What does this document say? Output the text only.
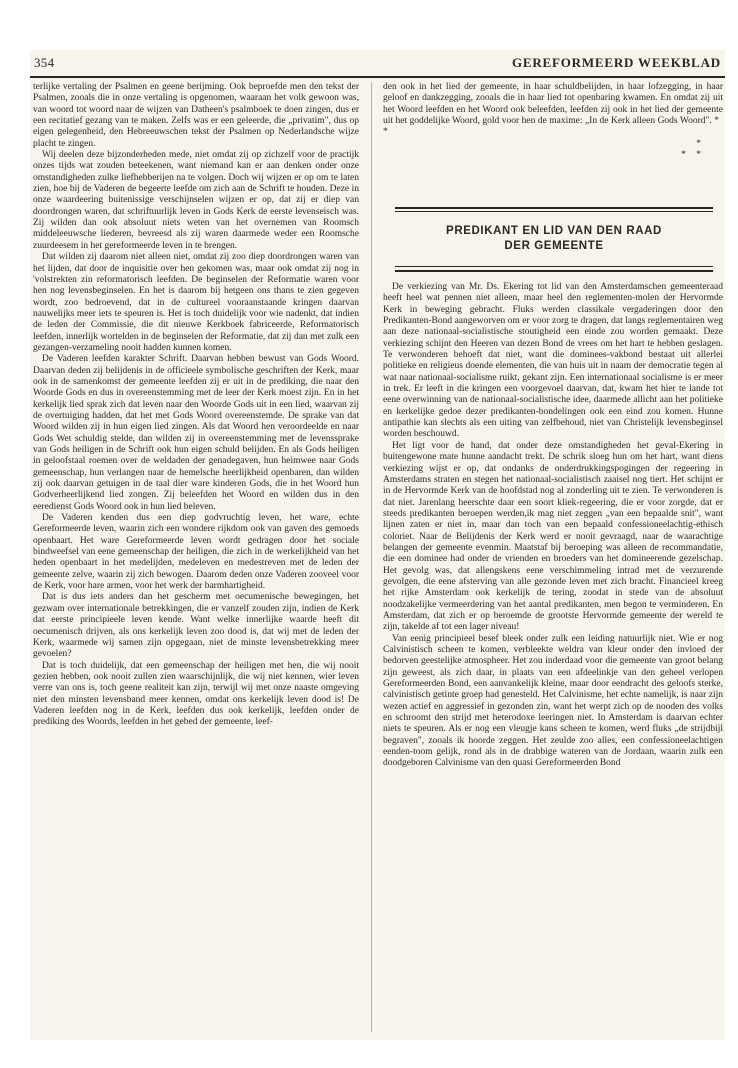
354	GEREFORMEERD WEEKBLAD

terlijke vertaling der Psalmen en geene berijming. Ook beproefde men den tekst der Psalmen, zooals die in onze vertaling is opgenomen, waaraan het volk gewoon was, van woord tot woord naar de wijzen van Datheen's psalmboek te doen zingen, dus er een recitatief gezang van te maken. Zelfs was er een geleerde, die „privatim", dus op eigen gelegenheid, den Hebreeuwschen tekst der Psalmen op Nederlandsche wijze placht te zingen.

Wij deelen deze bijzonderheden mede, niet omdat zij op zichzelf voor de practijk onzes tijds wat zouden beteekenen, want niemand kan er aan denken onder onze omstandigheden zulke liefhebberijen na te volgen. Doch wij wijzen er op om te laten zien, hoe bij de Vaderen de begeerte leefde om zich aan de Schrift te houden. Deze in onze waardeering buitenissige verschijnselen wijzen er op, dat zij er diep van doordrongen waren, dat schriftuurlijk leven in Gods Kerk de eerste levenseisch was. Zij wilden dan ook absoluut niets weten van het overnemen van Roomsch middeleeuwsche liederen, bevreesd als zij waren daarmede weder een Roomsche zuurdeesem in het gereformeerde leven in te brengen.

Dat wilden zij daarom niet alleen niet, omdat zij zoo diep doordrongen waren van het lijden, dat door de inquisitie over hen gekomen was, maar ook omdat zij nog in 'volstrekten zin reformatorisch leefden. De beginselen der Reformatie waren voor hen nog levensbeginselen. En het is daarom bij hetgeen ons thans te zien gegeven wordt, zoo bedroevend, dat in de cultureel vooraanstaande kringen daarvan nauwelijks meer iets te speuren is. Het is toch duidelijk voor wie nadenkt, dat indien de leden der Commissie, die dit nieuwe Kerkboek fabriceerde, Reformatorisch leefden, innerlijk wortelden in de beginselen der Reformatie, dat zij dan met zulk een gezangen-verzameling nooit hadden kunnen komen.

De Vaderen leefden karakter Schrift. Daarvan hebben bewust van Gods Woord. Daarvan deden zij belijdenis in de officieele symbolische geschriften der Kerk, maar ook in de samenkomst der gemeente leefden zij er uit in de prediking, die naar den Woorde Gods en dus in overeenstemming met de leer der Kerk moest zijn. En in het kerkelijk lied sprak zich dat leven naar den Woorde Gods uit in een lied, waarvan zij de overtuiging hadden, dat het met Gods Woord overeenstemde. De sprake van dat Woord wilden zij in hun eigen lied zingen. Als dat Woord hen veroordeelde en naar Gods Wet schuldig stelde, dan wilden zij in overeenstemming met de levenssprake van Gods heiligen in de Schrift ook hun eigen schuld belijden. En als Gods heiligen in geloofstaal roemen over de weldaden der genadegaven, hun heimwee naar Gods gemeenschap, hun verlangen naar de hemelsche heerlijkheid openbaren, dan wilden zij ook daarvan getuigen in de taal dier ware kinderen Gods, die in het Woord hun Godverheerlijkend lied zongen. Zij beleefden het Woord en wilden dus in den eeredienst Gods Woord ook in hun lied beleven.

De Vaderen kenden dus een diep godvruchtig leven, het ware, echte Gereformeerde leven, waarin zich een wondere rijkdom ook van gaven des gemoeds openbaart. Het ware Gereformeerde leven wordt gedragen door het sociale bindweefsel van eene gemeenschap der heiligen, die zich in de werkelijkheid van het heden openbaart in het medelijden, medeleven en medestreven met de leden der gemeente zelve, waarin zij zich bewogen. Daarom deden onze Vaderen zooveel voor de Kerk, voor hare armen, voor het werk der barmhartigheid.

Dat is dus iets anders dan het gescherm met oecumenische bewegingen, het gezwam over internationale betrekkingen, die er vanzelf zouden zijn, indien de Kerk dat eerste principieele leven kende. Want welke innerlijke waarde heeft dit oecumenisch drijven, als ons kerkelijk leven zoo dood is, dat wij met de leden der Kerk, waarmede wij samen zijn opgegaan, niet de minste levensbetrekking meer gevoelen?

Dat is toch duidelijk, dat een gemeenschap der heiligen met hen, die wij nooit gezien hebben, ook nooit zullen zien waarschijnlijk, die wij niet kennen, wier leven verre van ons is, toch geene realiteit kan zijn, terwijl wij met onze naaste omgeving niet den minsten levensband meer kennen, omdat ons kerkelijk leven dood is! De Vaderen leefden nog in de Kerk, leefden dus ook kerkelijk, leefden onder de prediking des Woords, leefden in het gebed der gemeente, leef-

den ook in het lied der gemeente, in haar schuldbelijden, in haar lofzegging, in haar geloof en dankzegging, zooals die in haar lied tot openbaring kwamen. En omdat zij uit het Woord leefden en het Woord ook beleefden, leefden zij ook in het lied der gemeente uit het goddelijke Woord, gold voor hen de maxime: „In de Kerk alleen Gods Woord". * *

*

* *

PREDIKANT EN LID VAN DEN RAAD
DER GEMEENTE

De verkiezing van Mr. Ds. Ekering tot lid van den Amsterdamschen gemeenteraad heeft heel wat pennen niet alleen, maar heel den reglementen-molen der Hervormde Kerk in beweging gebracht. Fluks werden classikale vergaderingen door den Predikanten-Bond aangeworven om er voor zorg te dragen, dat langs reglementairen weg aan deze nationaal-socialistische stoutigheid een einde zou worden gemaakt. Deze verkiezing schijnt den Heeren van dezen Bond de vrees om het hart te hebben geslagen. Te verwonderen behoeft dat niet, want die dominees-vakbond bestaat uit allerlei politieke en religieus doende elementen, die van huis uit in naam der democratie tegen al wat naar nationaal-socialisme ruikt, gekant zijn. Een internationaal socialisme is er meer in trek. Er leeft in die kringen een voorgevoel daarvan, dat, kwam het hier te lande tot eene overwinning van de nationaal-socialistische idee, daarmede allicht aan het politieke en kerkelijke gedoe dezer predikanten-bondelingen ook een eind zou komen. Hunne antipathie kan slechts als een uiting van zelfbehoud, niet van Christelijk levensbeginsel worden beschouwd.

Het ligt voor de hand, dat onder deze omstandigheden het geval-Ekering in buitengewone mate hunne aandacht trekt. De schrik sloeg hun om het hart, want diens verkiezing wijst er op, dat ondanks de onderdrukkingspogingen der regeering in Amsterdams straten en stegen het nationaal-socialistisch zaaisel nog tiert. Het schijnt er in de Hervormde Kerk van de hoofdstad nog al zonderling uit te zien. Te verwonderen is dat niet. Jarenlang heerschte daar een soort kliek-regeering, die er voor zorgde, dat er steeds predikanten beroepen werden,ik mag niet zeggen „van een bepaalde snit", want lijnen zaten er niet in, maar dan toch van een bepaald confessioneelachtig-ethisch coloriet. Naar de Belijdenis der Kerk werd er nooit gevraagd, naar de waarachtige belangen der gemeente evenmin. Maatstaf bij beroeping was alleen de recommandatie, die een dominee had onder de vrienden en broeders van het domineerende gezelschap. Het gevolg was, dat allengskens eene verschimmeling intrad met de verzurende gevolgen, die eene afsterving van alle gezonde leven met zich bracht. Financieel kreeg het rijke Amsterdam ook kerkelijk de tering, zoodat in stede van de absoluut noodzakelijke vermeerdering van het aantal predikanten, men begon te verminderen. En Amsterdam, dat zich er op beroemde de grootste Hervormde gemeente der wereld te zijn, takelde af tot een lager niveau!

Van eenig principieel besef bleek onder zulk een leiding natuurlijk niet. Wie er nog Calvinistisch scheen te komen, verbleekte weldra van kleur onder den invloed der bedorven geestelijke atmospheer. Het zou inderdaad voor die gemeente van groot belang zijn geweest, als zich daar, in plaats van een afdeelinkje van den geheel verlopen Gereformeerden Bond, een aanvankelijk kleine, maar door eendracht des geloofs sterke, calvinistisch getinte groep had genesteld. Het Calvinisme, het echte namelijk, is naar zijn wezen actief en aggressief in gezonden zin, want het werpt zich op de nooden des volks en schroomt den strijd met heterodoxe leeringen niet. In Amsterdam is daarvan echter niets te speuren. Als er nog een vleugje kans scheen te komen, werd fluks „de strijdbijl begraven", zooals ik hoorde zeggen. Het zeulde zoo alles, een confessioneelachtigen eenden-toom gelijk, rond als in de drabbige wateren van de Jordaan, waarin zulk een doodgeboren Calvinisme van den quasi Gereformeerden Bond
